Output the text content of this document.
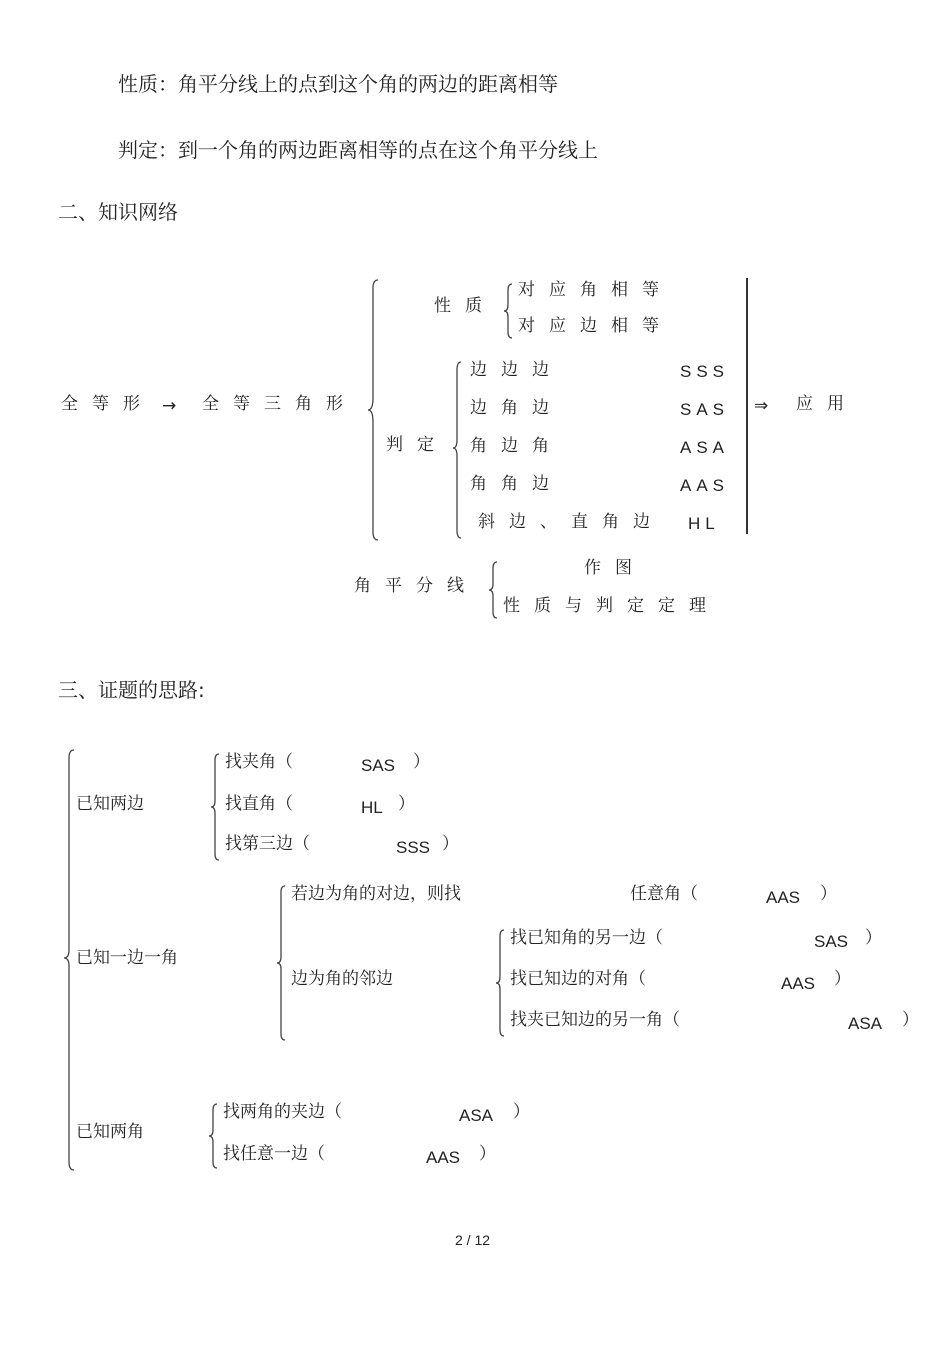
性质：角平分线上的点到这个角的两边的距离相等
判定：到一个角的两边距离相等的点在这个角平分线上
二、知识网络
全等形 → 全等三角形
性质
对应角相等
对应边相等
判定
边边边	SSS
边角边	SAS
角边角	ASA
角角边	AAS
斜边、直角边 HL
⇒ 应用
角平分线
作图
性质与判定定理
三、证题的思路:
已知两边
找夹角（	SAS ）
找直角（	HL ）
找第三边（	SSS ）
已知一边一角
若边为角的对边，则找	任意角（	AAS ）
边为角的邻边
找已知角的另一边（	SAS ）
找已知边的对角（	AAS ）
找夹已知边的另一角（	ASA ）
已知两角
找两角的夹边（	ASA ）
找任意一边（	AAS ）
2 / 12
